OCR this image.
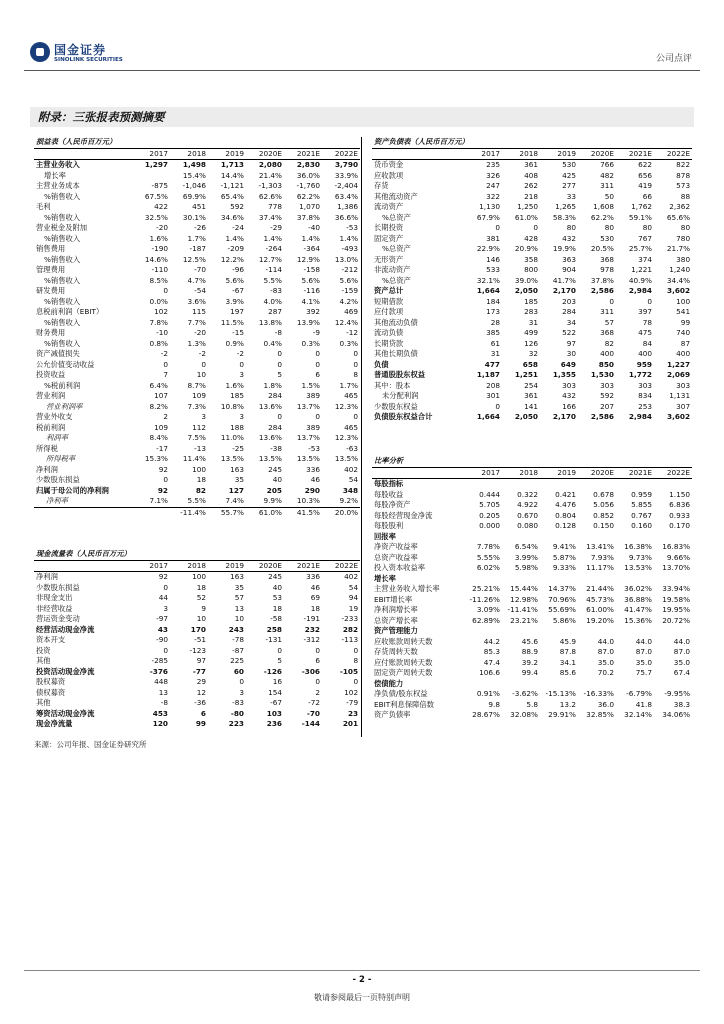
国金证券
SINOLINK SECURITIES	公司点评
附录：三张报表预测摘要
损益表（人民币百万元）						
	2017	2018	2019	2020E	2021E	2022E
主营业务收入	1,297	1,498	1,713	2,080	2,830	3,790
增长率		15.4%	14.4%	21.4%	36.0%	33.9%
主营业务成本	-875	-1,046	-1,121	-1,303	-1,760	-2,404
%销售收入	67.5%	69.9%	65.4%	62.6%	62.2%	63.4%
毛利	422	451	592	778	1,070	1,386
%销售收入	32.5%	30.1%	34.6%	37.4%	37.8%	36.6%
营业税金及附加	-20	-26	-24	-29	-40	-53
%销售收入	1.6%	1.7%	1.4%	1.4%	1.4%	1.4%
销售费用	-190	-187	-209	-264	-364	-493
%销售收入	14.6%	12.5%	12.2%	12.7%	12.9%	13.0%
管理费用	-110	-70	-96	-114	-158	-212
%销售收入	8.5%	4.7%	5.6%	5.5%	5.6%	5.6%
研发费用	0	-54	-67	-83	-116	-159
%销售收入	0.0%	3.6%	3.9%	4.0%	4.1%	4.2%
息税前利润（EBIT）	102	115	197	287	392	469
%销售收入	7.8%	7.7%	11.5%	13.8%	13.9%	12.4%
财务费用	-10	-20	-15	-8	-9	-12
%销售收入	0.8%	1.3%	0.9%	0.4%	0.3%	0.3%
资产减值损失	-2	-2	-2	0	0	0
公允价值变动收益	0	0	0	0	0	0
投资收益	7	10	3	5	6	8
%税前利润	6.4%	8.7%	1.6%	1.8%	1.5%	1.7%
营业利润	107	109	185	284	389	465
营业利润率	8.2%	7.3%	10.8%	13.6%	13.7%	12.3%
营业外收支	2	3	3	0	0	0
税前利润	109	112	188	284	389	465
利润率	8.4%	7.5%	11.0%	13.6%	13.7%	12.3%
所得税	-17	-13	-25	-38	-53	-63
所得税率	15.3%	11.4%	13.5%	13.5%	13.5%	13.5%
净利润	92	100	163	245	336	402
少数股东损益	0	18	35	40	46	54
归属于母公司的净利润	92	82	127	205	290	348
净利率	7.1%	5.5%	7.4%	9.9%	10.3%	9.2%
		-11.4%	55.7%	61.0%	41.5%	20.0%
现金流量表（人民币百万元）						
	2017	2018	2019	2020E	2021E	2022E
净利润	92	100	163	245	336	402
少数股东损益	0	18	35	40	46	54
非现金支出	44	52	57	53	69	94
非经营收益	3	9	13	18	18	19
营运资金变动	-97	10	10	-58	-191	-233
经营活动现金净流	43	170	243	258	232	282
资本开支	-90	-51	-78	-131	-312	-113
投资	0	-123	-87	0	0	0
其他	-285	97	225	5	6	8
投资活动现金净流	-376	-77	60	-126	-306	-105
股权募资	448	29	0	16	0	0
债权募资	13	12	3	154	2	102
其他	-8	-36	-83	-67	-72	-79
筹资活动现金净流	453	6	-80	103	-70	23
现金净流量	120	99	223	236	-144	201
资产负债表（人民币百万元）						
	2017	2018	2019	2020E	2021E	2022E
货币资金	235	361	530	766	622	822
应收款项	326	408	425	482	656	878
存货	247	262	277	311	419	573
其他流动资产	322	218	33	50	66	88
流动资产	1,130	1,250	1,265	1,608	1,762	2,362
%总资产	67.9%	61.0%	58.3%	62.2%	59.1%	65.6%
长期投资	0	0	80	80	80	80
固定资产	381	428	432	530	767	780
%总资产	22.9%	20.9%	19.9%	20.5%	25.7%	21.7%
无形资产	146	358	363	368	374	380
非流动资产	533	800	904	978	1,221	1,240
%总资产	32.1%	39.0%	41.7%	37.8%	40.9%	34.4%
资产总计	1,664	2,050	2,170	2,586	2,984	3,602
短期借款	184	185	203	0	0	100
应付款项	173	283	284	311	397	541
其他流动负债	28	31	34	57	78	99
流动负债	385	499	522	368	475	740
长期贷款	61	126	97	82	84	87
其他长期负债	31	32	30	400	400	400
负债	477	658	649	850	959	1,227
普通股股东权益	1,187	1,251	1,355	1,530	1,772	2,069
其中：股本	208	254	303	303	303	303
未分配利润	301	361	432	592	834	1,131
少数股东权益	0	141	166	207	253	307
负债股东权益合计	1,664	2,050	2,170	2,586	2,984	3,602
比率分析						
	2017	2018	2019	2020E	2021E	2022E
每股指标						
每股收益	0.444	0.322	0.421	0.678	0.959	1.150
每股净资产	5.705	4.922	4.476	5.056	5.855	6.836
每股经营现金净流	0.205	0.670	0.804	0.852	0.767	0.933
每股股利	0.000	0.080	0.128	0.150	0.160	0.170
回报率						
净资产收益率	7.78%	6.54%	9.41%	13.41%	16.38%	16.83%
总资产收益率	5.55%	3.99%	5.87%	7.93%	9.73%	9.66%
投入资本收益率	6.02%	5.98%	9.33%	11.17%	13.53%	13.70%
增长率						
主营业务收入增长率	25.21%	15.44%	14.37%	21.44%	36.02%	33.94%
EBIT增长率	-11.26%	12.98%	70.96%	45.73%	36.88%	19.58%
净利润增长率	3.09%	-11.41%	55.69%	61.00%	41.47%	19.95%
总资产增长率	62.89%	23.21%	5.86%	19.20%	15.36%	20.72%
资产管理能力						
应收账款周转天数	44.2	45.6	45.9	44.0	44.0	44.0
存货周转天数	85.3	88.9	87.8	87.0	87.0	87.0
应付账款周转天数	47.4	39.2	34.1	35.0	35.0	35.0
固定资产周转天数	106.6	99.4	85.6	70.2	75.7	67.4
偿债能力						
净负债/股东权益	0.91%	-3.62%	-15.13%	-16.33%	-6.79%	-9.95%
EBIT利息保障倍数	9.8	5.8	13.2	36.0	41.8	38.3
资产负债率	28.67%	32.08%	29.91%	32.85%	32.14%	34.06%
来源：公司年报、国金证券研究所
- 2 -
敬请参阅最后一页特别声明
